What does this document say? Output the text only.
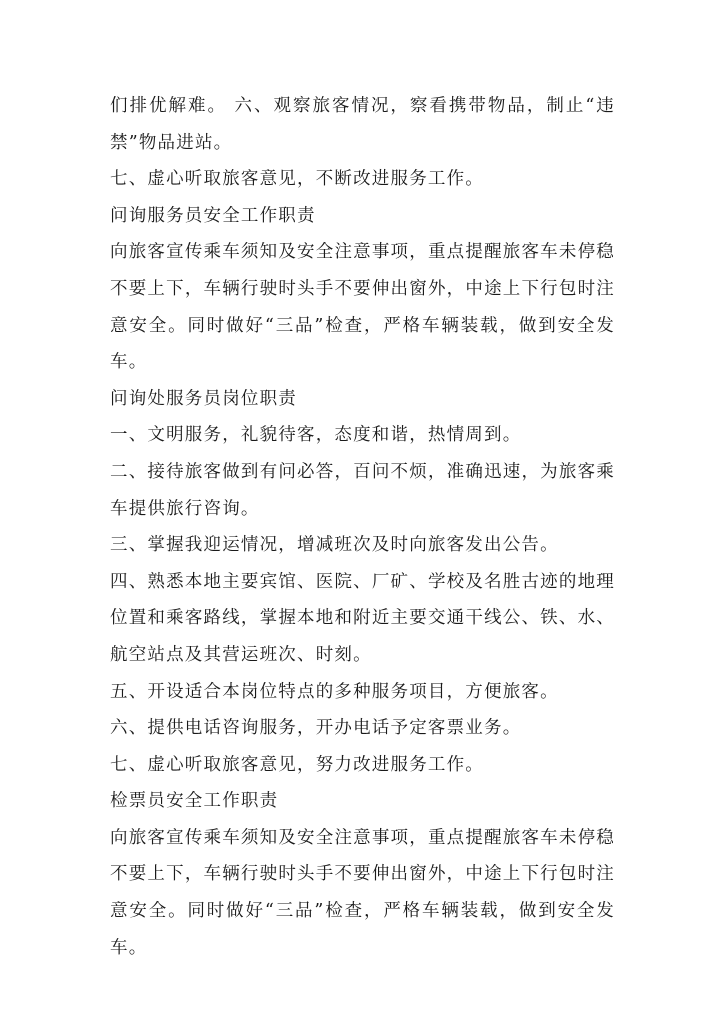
们排优解难。 六、观察旅客情况，察看携带物品，制止“违禁”物品进站。

七、虚心听取旅客意见，不断改进服务工作。

问询服务员安全工作职责

向旅客宣传乘车须知及安全注意事项，重点提醒旅客车未停稳不要上下，车辆行驶时头手不要伸出窗外，中途上下行包时注意安全。同时做好“三品”检查，严格车辆装载，做到安全发车。

问询处服务员岗位职责

一、文明服务，礼貌待客，态度和谐，热情周到。

二、接待旅客做到有问必答，百问不烦，准确迅速，为旅客乘车提供旅行咨询。

三、掌握我迎运情况，增减班次及时向旅客发出公告。

四、熟悉本地主要宾馆、医院、厂矿、学校及名胜古迹的地理位置和乘客路线，掌握本地和附近主要交通干线公、铁、水、航空站点及其营运班次、时刻。

五、开设适合本岗位特点的多种服务项目，方便旅客。

六、提供电话咨询服务，开办电话予定客票业务。

七、虚心听取旅客意见，努力改进服务工作。

检票员安全工作职责

向旅客宣传乘车须知及安全注意事项，重点提醒旅客车未停稳不要上下，车辆行驶时头手不要伸出窗外，中途上下行包时注意安全。同时做好“三品”检查，严格车辆装载，做到安全发车。
